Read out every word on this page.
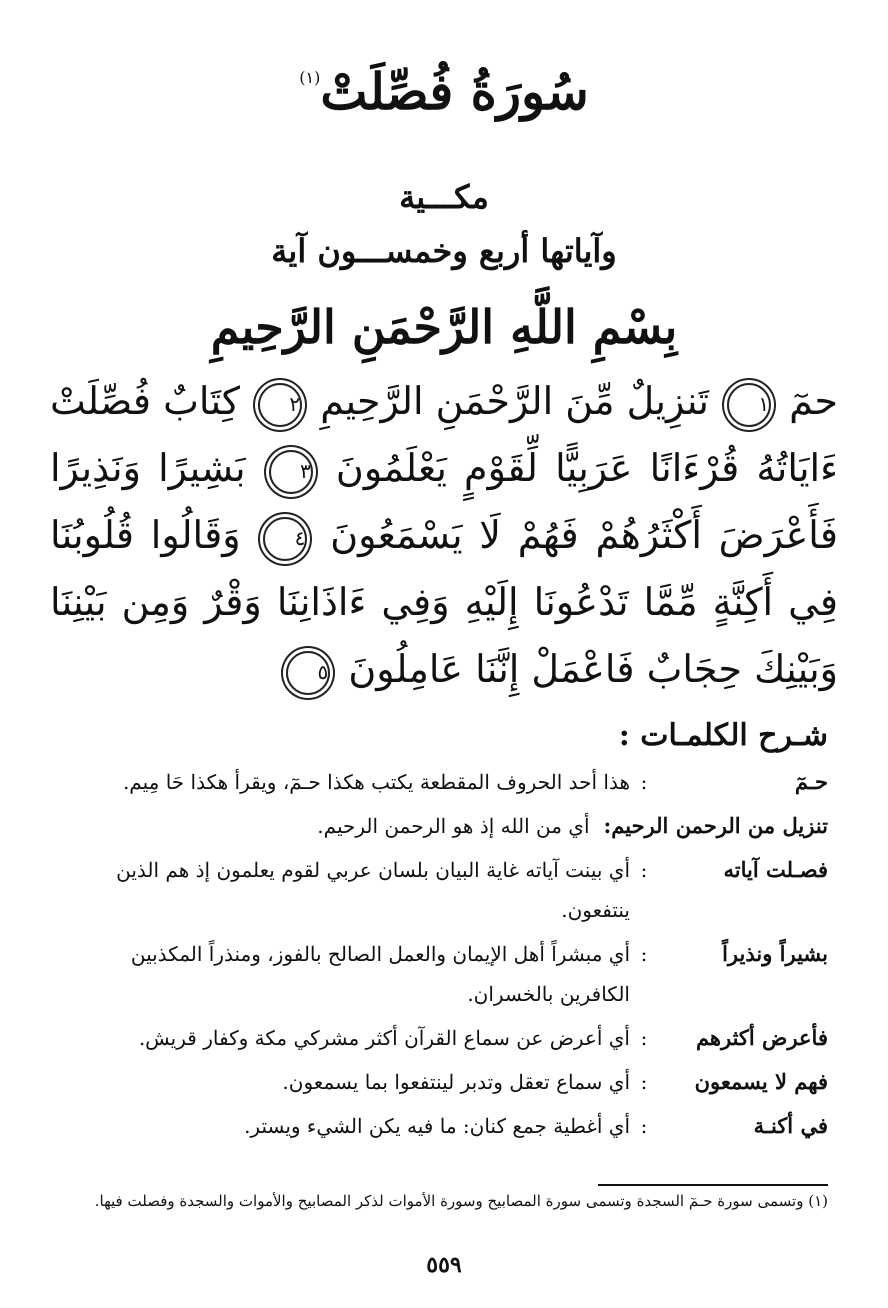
سُورَةُ فُصِّلَتْ$^{(١)}$
مكـــية
وآياتها أربع وخمســـون آية
بِسْمِ اللَّهِ الرَّحْمَنِ الرَّحِيمِ
حمٓ ١ تَنزِيلٌ مِّنَ الرَّحْمَنِ الرَّحِيمِ ٢ كِتَابٌ فُصِّلَتْ ءَايَاتُهُ قُرْءَانًا عَرَبِيًّا لِّقَوْمٍ يَعْلَمُونَ ٣ بَشِيرًا وَنَذِيرًا فَأَعْرَضَ أَكْثَرُهُمْ فَهُمْ لَا يَسْمَعُونَ ٤ وَقَالُوا قُلُوبُنَا فِي أَكِنَّةٍ مِّمَّا تَدْعُونَا إِلَيْهِ وَفِي ءَاذَانِنَا وَقْرٌ وَمِن بَيْنِنَا وَبَيْنِكَ حِجَابٌ فَاعْمَلْ إِنَّنَا عَامِلُونَ ٥
شـرح الكلمـات :
حـمٓ
:
هذا أحد الحروف المقطعة يكتب هكذا حـمٓ، ويقرأ هكذا حَا مِيم.
تنزيل من الرحمن الرحيم:
أي من الله إذ هو الرحمن الرحيم.
فصـلت آياته
:
أي بينت آياته غاية البيان بلسان عربي لقوم يعلمون إذ هم الذين ينتفعون.
بشيراً ونذيراً
:
أي مبشراً أهل الإيمان والعمل الصالح بالفوز، ومنذراً المكذبين الكافرين بالخسران.
فأعرض أكثرهم
:
أي أعرض عن سماع القرآن أكثر مشركي مكة وكفار قريش.
فهم لا يسمعون
:
أي سماع تعقل وتدبر لينتفعوا بما يسمعون.
في أكنـة
:
أي أغطية جمع كنان: ما فيه يكن الشيء ويستر.
(١) وتسمى سورة حـمٓ السجدة وتسمى سورة المصابيح وسورة الأموات لذكر المصابيح والأموات والسجدة وفصلت فيها.
٥٥٩
